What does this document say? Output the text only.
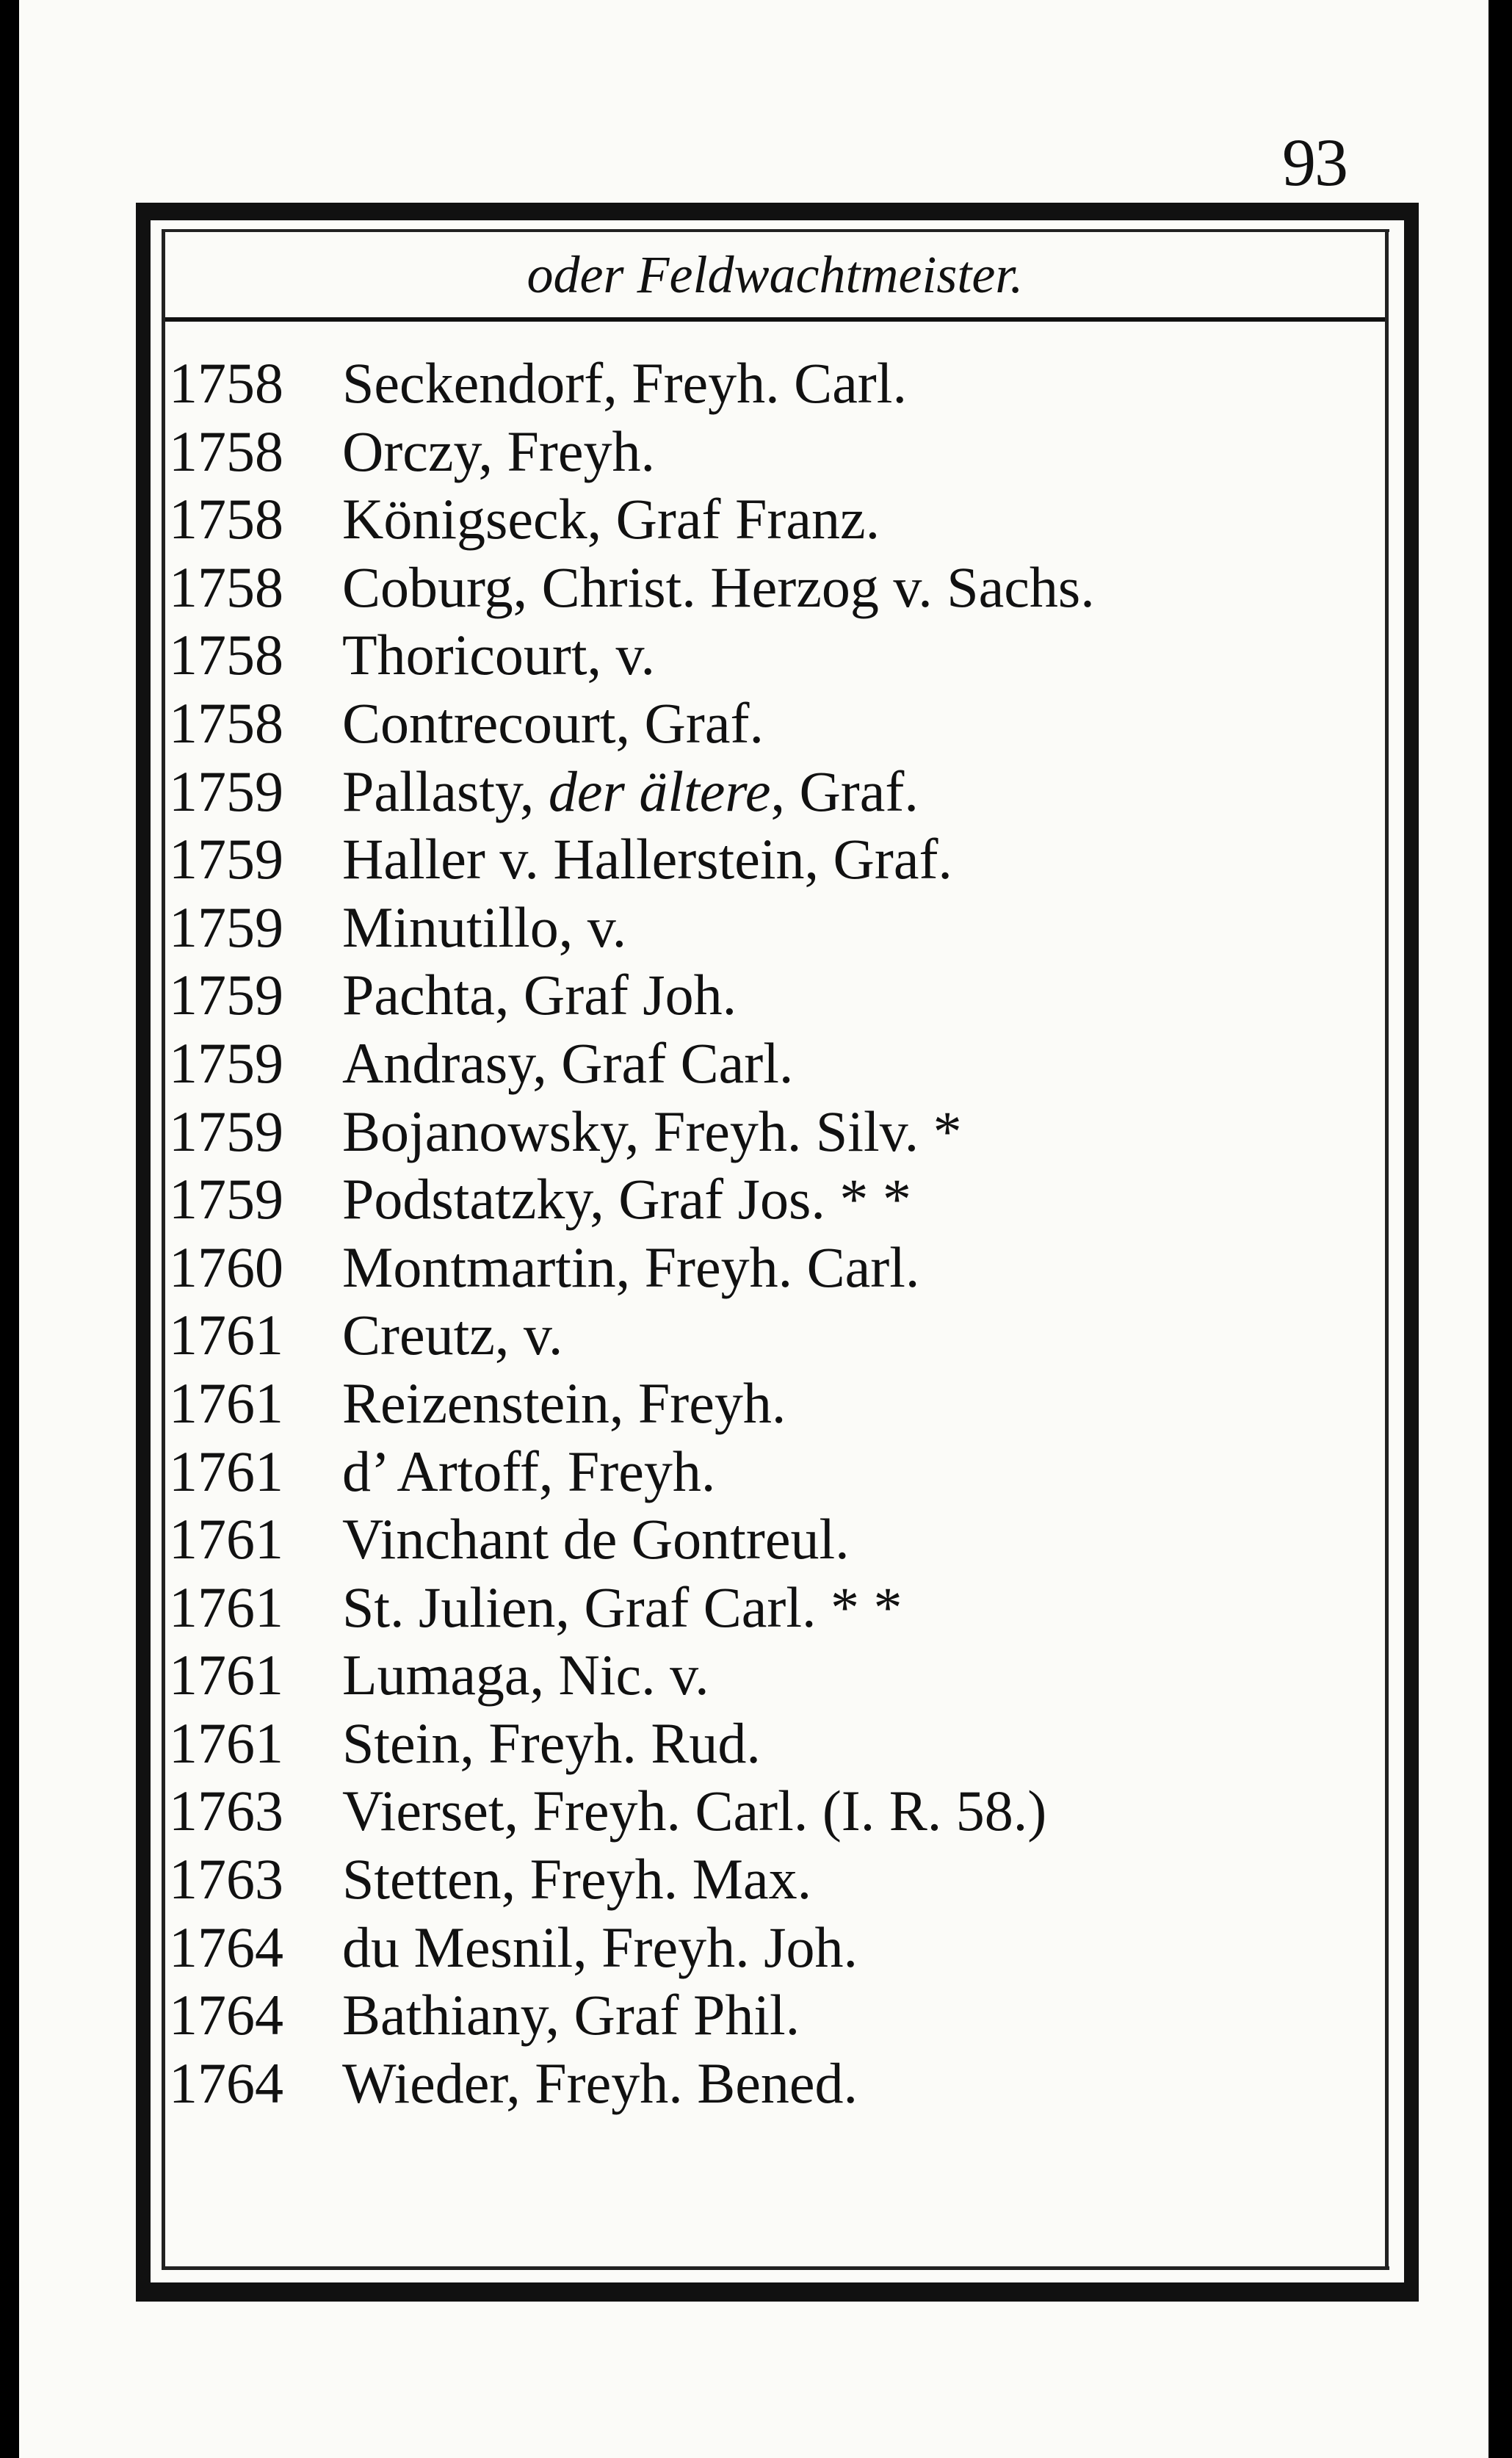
93
oder Feldwachtmeister.
1758	Seckendorf, Freyh. Carl.
1758	Orczy, Freyh.
1758	Königseck, Graf Franz.
1758	Coburg, Christ. Herzog v. Sachs.
1758	Thoricourt, v.
1758	Contrecourt, Graf.
1759	Pallasty, der ältere, Graf.
1759	Haller v. Hallerstein, Graf.
1759	Minutillo, v.
1759	Pachta, Graf Joh.
1759	Andrasy, Graf Carl.
1759	Bojanowsky, Freyh. Silv. *
1759	Podstatzky, Graf Jos. * *
1760	Montmartin, Freyh. Carl.
1761	Creutz, v.
1761	Reizenstein, Freyh.
1761	d’ Artoff, Freyh.
1761	Vinchant de Gontreul.
1761	St. Julien, Graf Carl. * *
1761	Lumaga, Nic. v.
1761	Stein, Freyh. Rud.
1763	Vierset, Freyh. Carl. (I. R. 58.)
1763	Stetten, Freyh. Max.
1764	du Mesnil, Freyh. Joh.
1764	Bathiany, Graf Phil.
1764	Wieder, Freyh. Bened.
